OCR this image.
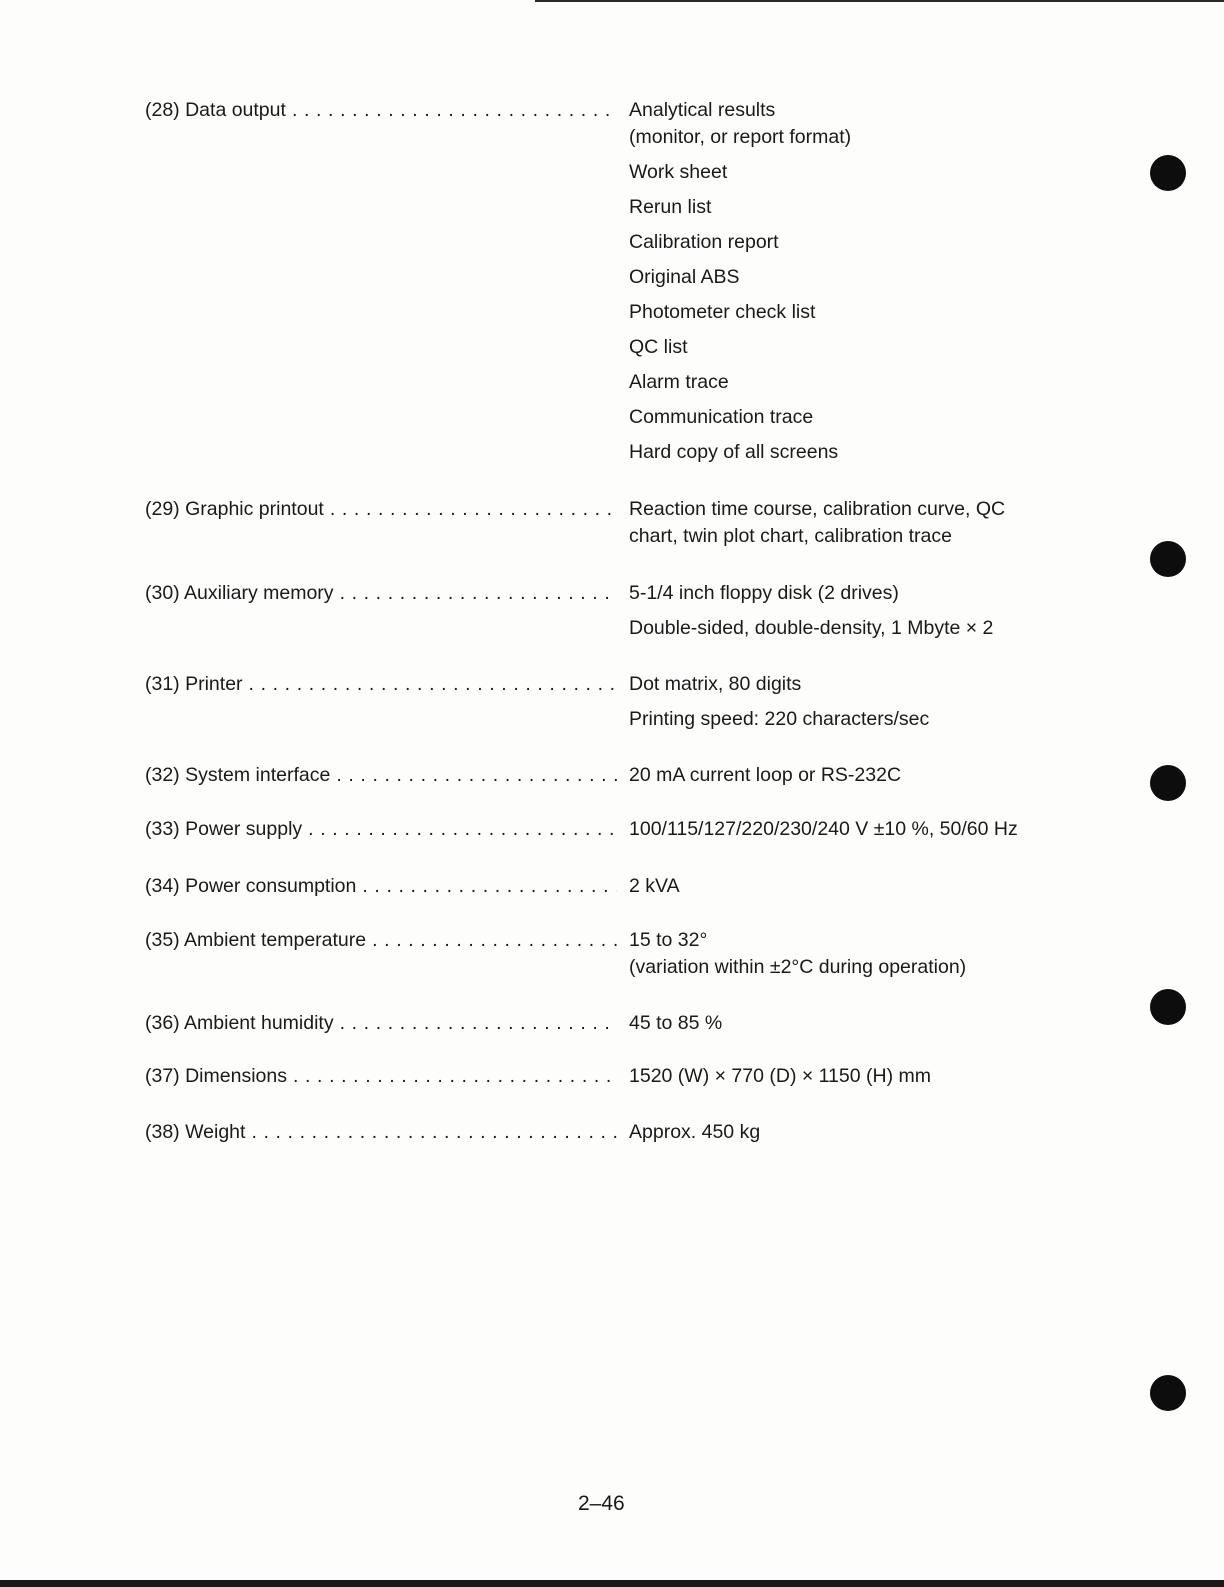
(28) Data output . . .	Analytical results
(monitor, or report format)
Work sheet
Rerun list
Calibration report
Original ABS
Photometer check list
QC list
Alarm trace
Communication trace
Hard copy of all screens
(29) Graphic printout . . .	Reaction time course, calibration curve, QC
chart, twin plot chart, calibration trace
(30) Auxiliary memory . . .	5-1/4 inch floppy disk (2 drives)
Double-sided, double-density, 1 Mbyte × 2
(31) Printer . . .	Dot matrix, 80 digits
Printing speed: 220 characters/sec
(32) System interface . . .	20 mA current loop or RS-232C
(33) Power supply . . .	100/115/127/220/230/240 V ±10 %, 50/60 Hz
(34) Power consumption . . .	2 kVA
(35) Ambient temperature . . .	15 to 32°
(variation within ±2°C during operation)
(36) Ambient humidity . . .	45 to 85 %
(37) Dimensions . . .	1520 (W) × 770 (D) × 1150 (H) mm
(38) Weight . . .	Approx. 450 kg
2–46
